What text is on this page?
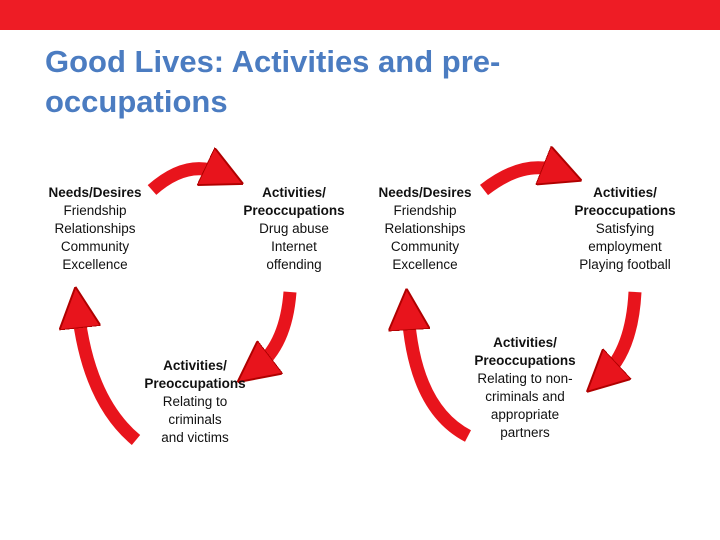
Good Lives: Activities and pre-occupations
Needs/Desires
Friendship
Relationships
Community
Excellence
Activities/ Preoccupations
Drug abuse
Internet
offending
Activities/ Preoccupations
Relating to
criminals
and victims
Needs/Desires
Friendship
Relationships
Community
Excellence
Activities/ Preoccupations
Satisfying
employment
Playing football
Activities/ Preoccupations
Relating to non-
criminals and
appropriate
partners
